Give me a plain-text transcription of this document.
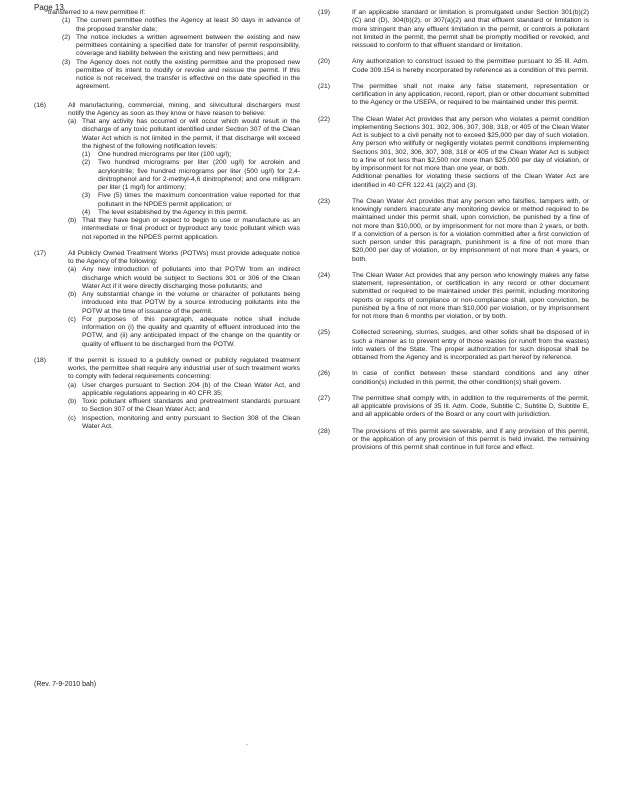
Page 13

transferred to a new permittee if:

(1) The current permittee notifies the Agency at least 30 days in advance of the proposed transfer date;

(2) The notice includes a written agreement between the existing and new permittees containing a specified date for transfer of permit responsibility, coverage and liability between the existing and new permittees; and

(3) The Agency does not notify the existing permittee and the proposed new permittee of its intent to modify or revoke and reissue the permit. If this notice is not received, the transfer is effective on the date specified in the agreement.

(16)	All manufacturing, commercial, mining, and silvicultural dischargers must notify the Agency as soon as they know or have reason to believe:

(a) That any activity has occurred or will occur which would result in the discharge of any toxic pollutant identified under Section 307 of the Clean Water Act which is not limited in the permit, if that discharge will exceed the highest of the following notification levels:

(1) One hundred micrograms per liter (100 ug/l);

(2) Two hundred micrograms per liter (200 ug/l) for acrolein and acrylonitrile; five hundred micrograms per liter (500 ug/l) for 2,4-dinitrophenol and for 2-methyl-4,6 dinitrophenol; and one milligram per liter (1 mg/l) for antimony;

(3) Five (5) times the maximum concentration value reported for that pollutant in the NPDES permit application; or

(4) The level established by the Agency in this permit.

(b) That they have begun or expect to begin to use or manufacture as an intermediate or final product or byproduct any toxic pollutant which was not reported in the NPDES permit application.

(17)	All Publicly Owned Treatment Works (POTWs) must provide adequate notice to the Agency of the following:

(a) Any new introduction of pollutants into that POTW from an indirect discharge which would be subject to Sections 301 or 306 of the Clean Water Act if it were directly discharging those pollutants; and

(b) Any substantial change in the volume or character of pollutants being introduced into that POTW by a source introducing pollutants into the POTW at the time of issuance of the permit.

(c) For purposes of this paragraph, adequate notice shall include information on (i) the quality and quantity of effluent introduced into the POTW, and (ii) any anticipated impact of the change on the quantity or quality of effluent to be discharged from the POTW.

(18)	If the permit is issued to a publicly owned or publicly regulated treatment works, the permittee shall require any industrial user of such treatment works to comply with federal requirements concerning:

(a) User charges pursuant to Section 204 (b) of the Clean Water Act, and applicable regulations appearing in 40 CFR 35;

(b) Toxic pollutant effluent standards and pretreatment standards pursuant to Section 307 of the Clean Water Act; and

(c) Inspection, monitoring and entry pursuant to Section 308 of the Clean Water Act.

(19)	If an applicable standard or limitation is promulgated under Section 301(b)(2)(C) and (D), 304(b)(2), or 307(a)(2) and that effluent standard or limitation is more stringent than any effluent limitation in the permit, or controls a pollutant not limited in the permit, the permit shall be promptly modified or revoked, and reissued to conform to that effluent standard or limitation.

(20)	Any authorization to construct issued to the permittee pursuant to 35 Ill. Adm. Code 309.154 is hereby incorporated by reference as a condition of this permit.

(21)	The permittee shall not make any false statement, representation or certification in any application, record, report, plan or other document submitted to the Agency or the USEPA, or required to be maintained under this permit.

(22)	The Clean Water Act provides that any person who violates a permit condition implementing Sections 301, 302, 306, 307, 308, 318, or 405 of the Clean Water Act is subject to a civil penalty not to exceed $25,000 per day of such violation. Any person who willfully or negligently violates permit conditions implementing Sections 301, 302, 306, 307, 308, 318 or 405 of the Clean Water Act is subject to a fine of not less than $2,500 nor more than $25,000 per day of violation, or by imprisonment for not more than one year, or both.

Additional penalties for violating these sections of the Clean Water Act are identified in 40 CFR 122.41 (a)(2) and (3).

(23)	The Clean Water Act provides that any person who falsifies, tampers with, or knowingly renders inaccurate any monitoring device or method required to be maintained under this permit shall, upon conviction, be punished by a fine of not more than $10,000, or by imprisonment for not more than 2 years, or both. If a conviction of a person is for a violation committed after a first conviction of such person under this paragraph, punishment is a fine of not more than $20,000 per day of violation, or by imprisonment of not more than 4 years, or both.

(24)	The Clean Water Act provides that any person who knowingly makes any false statement, representation, or certification in any record or other document submitted or required to be maintained under this permit, including monitoring reports or reports of compliance or non-compliance shall, upon conviction, be punished by a fine of not more than $10,000 per violation, or by imprisonment for not more than 6 months per violation, or by both.

(25)	Collected screening, slurries, sludges, and other solids shall be disposed of in such a manner as to prevent entry of those wastes (or runoff from the wastes) into waters of the State. The proper authorization for such disposal shall be obtained from the Agency and is incorporated as part hereof by reference.

(26)	In case of conflict between these standard conditions and any other condition(s) included in this permit, the other condition(s) shall govern.

(27)	The permittee shall comply with, in addition to the requirements of the permit, all applicable provisions of 35 Ill. Adm. Code, Subtitle C, Subtitle D, Subtitle E, and all applicable orders of the Board or any court with jurisdiction.

(28)	The provisions of this permit are severable, and if any provision of this permit, or the application of any provision of this permit is held invalid, the remaining provisions of this permit shall continue in full force and effect.

(Rev. 7-9-2010 bah)
.
